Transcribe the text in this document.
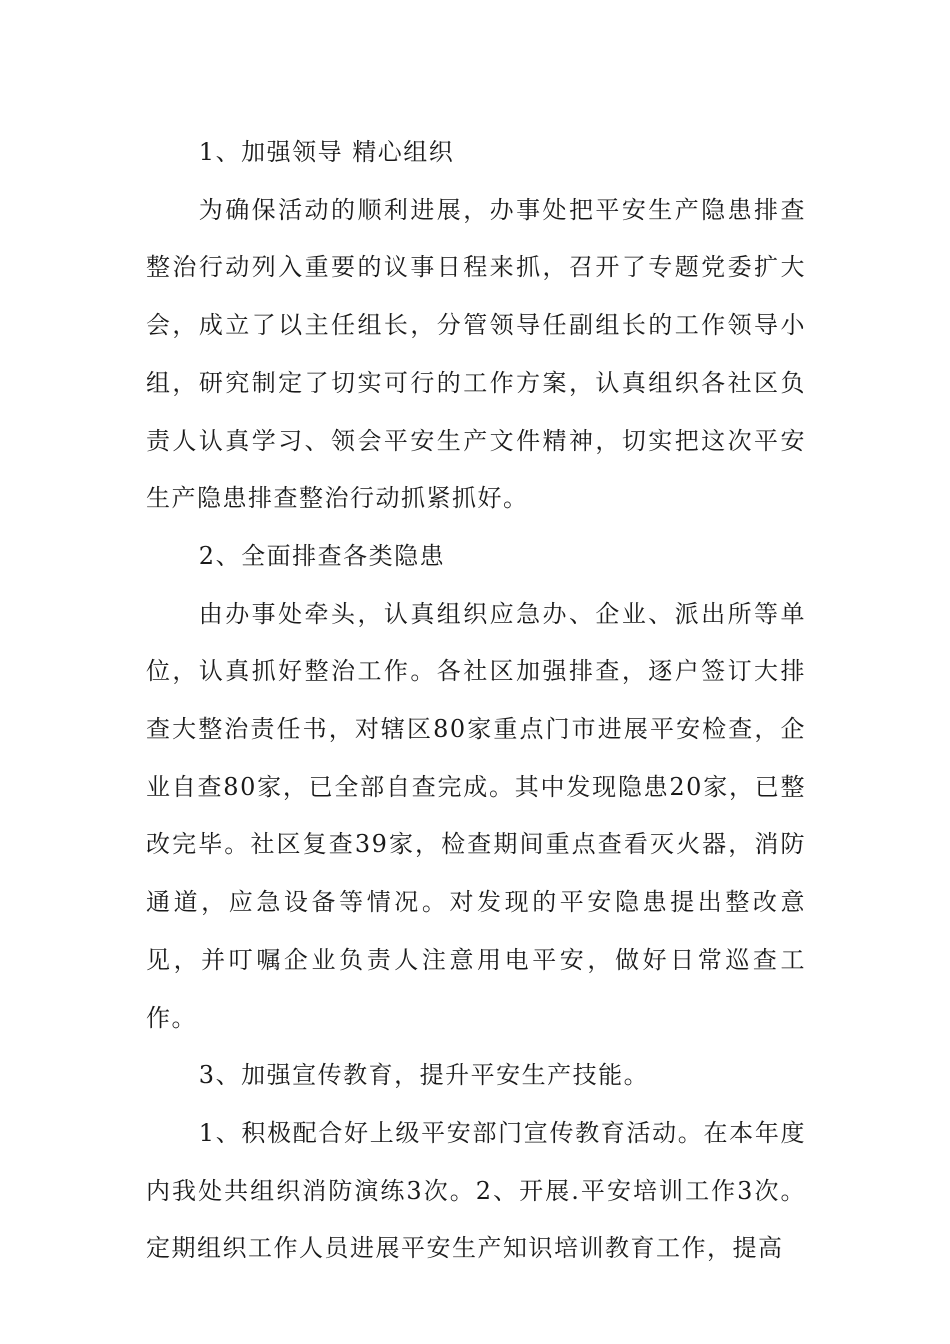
1、加强领导 精心组织

为确保活动的顺利进展，办事处把平安生产隐患排查整治行动列入重要的议事日程来抓，召开了专题党委扩大会，成立了以主任组长，分管领导任副组长的工作领导小组，研究制定了切实可行的工作方案，认真组织各社区负责人认真学习、领会平安生产文件精神，切实把这次平安生产隐患排查整治行动抓紧抓好。

2、全面排查各类隐患

由办事处牵头，认真组织应急办、企业、派出所等单位，认真抓好整治工作。各社区加强排查，逐户签订大排查大整治责任书，对辖区80家重点门市进展平安检查，企业自查80家，已全部自查完成。其中发现隐患20家，已整改完毕。社区复查39家，检查期间重点查看灭火器，消防通道，应急设备等情况。对发现的平安隐患提出整改意见，并叮嘱企业负责人注意用电平安，做好日常巡查工作。

3、加强宣传教育，提升平安生产技能。

1、积极配合好上级平安部门宣传教育活动。在本年度内我处共组织消防演练3次。2、开展.平安培训工作3次。定期组织工作人员进展平安生产知识培训教育工作，提高
